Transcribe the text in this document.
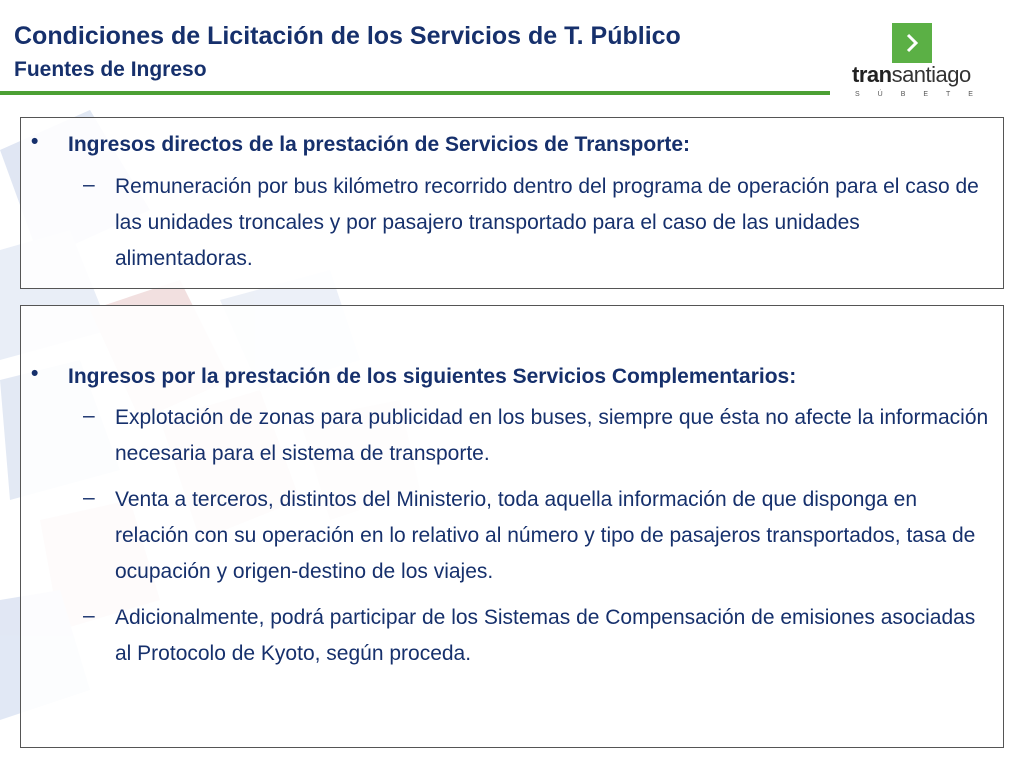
Condiciones de Licitación de los Servicios de T. Público
Fuentes de Ingreso	transantiago
S	Ú	B	E	T	E
• Ingresos directos de la prestación de Servicios de Transporte:
– Remuneración por bus kilómetro recorrido dentro del programa de operación para el caso de las unidades troncales y por pasajero transportado para el caso de las unidades alimentadoras.
• Ingresos por la prestación de los siguientes Servicios Complementarios:
– Explotación de zonas para publicidad en los buses, siempre que ésta no afecte la información necesaria para el sistema de transporte.
– Venta a terceros, distintos del Ministerio, toda aquella información de que disponga en relación con su operación en lo relativo al número y tipo de pasajeros transportados, tasa de ocupación y origen-destino de los viajes.
– Adicionalmente, podrá participar de los Sistemas de Compensación de emisiones asociadas al Protocolo de Kyoto, según proceda.
